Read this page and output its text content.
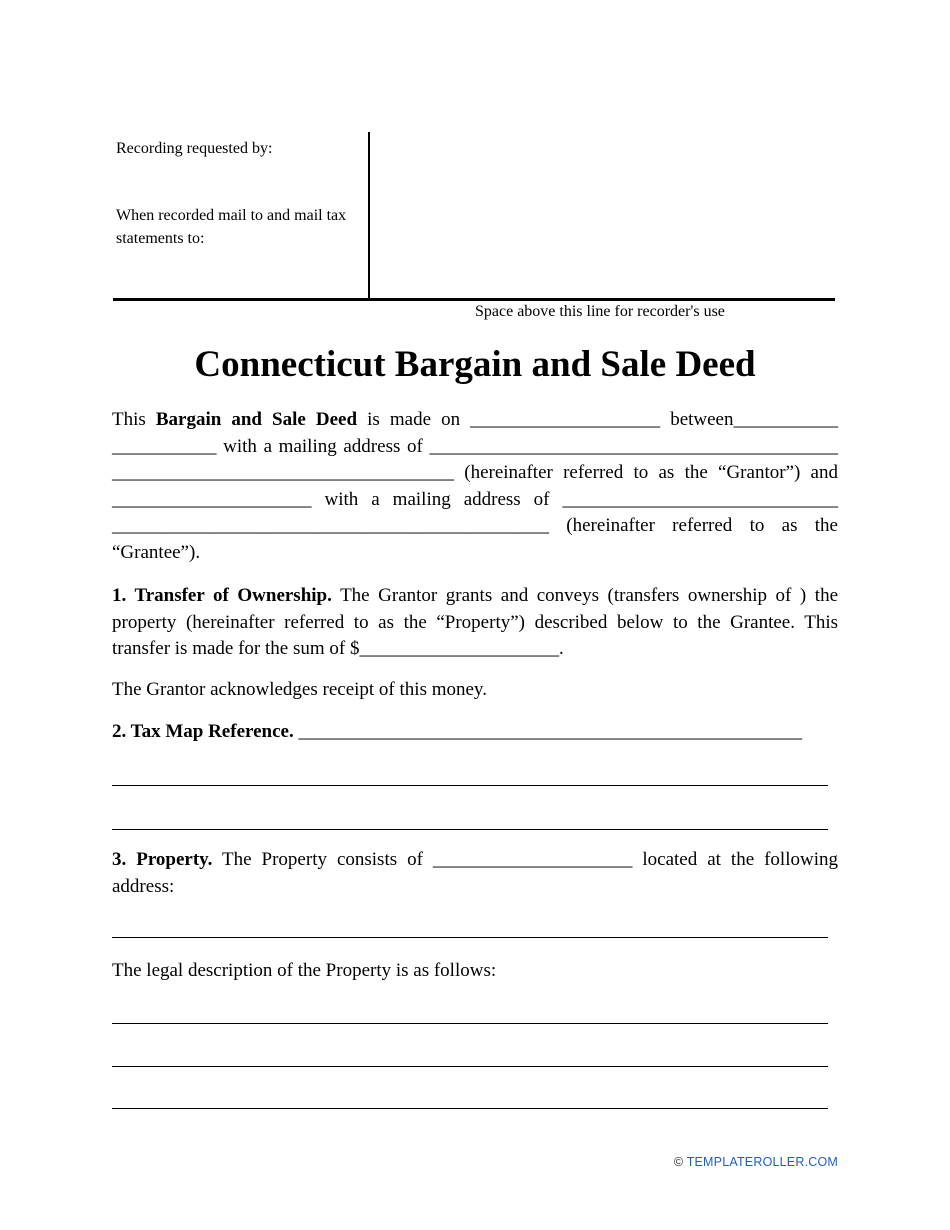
Recording requested by:
When recorded mail to and mail tax statements to:
Space above this line for recorder's use
Connecticut Bargain and Sale Deed
This Bargain and Sale Deed is made on ____________________ between___________ ___________ with a mailing address of ___________________________________________ ____________________________________ (hereinafter referred to as the “Grantor”) and _____________________ with a mailing address of _____________________________ ______________________________________________ (hereinafter referred to as the “Grantee”).
1. Transfer of Ownership. The Grantor grants and conveys (transfers ownership of ) the property (hereinafter referred to as the “Property”) described below to the Grantee. This transfer is made for the sum of $_____________________.
The Grantor acknowledges receipt of this money.
2. Tax Map Reference. _____________________________________________________
3. Property. The Property consists of _____________________ located at the following address:
The legal description of the Property is as follows:
© TEMPLATEROLLER.COM
